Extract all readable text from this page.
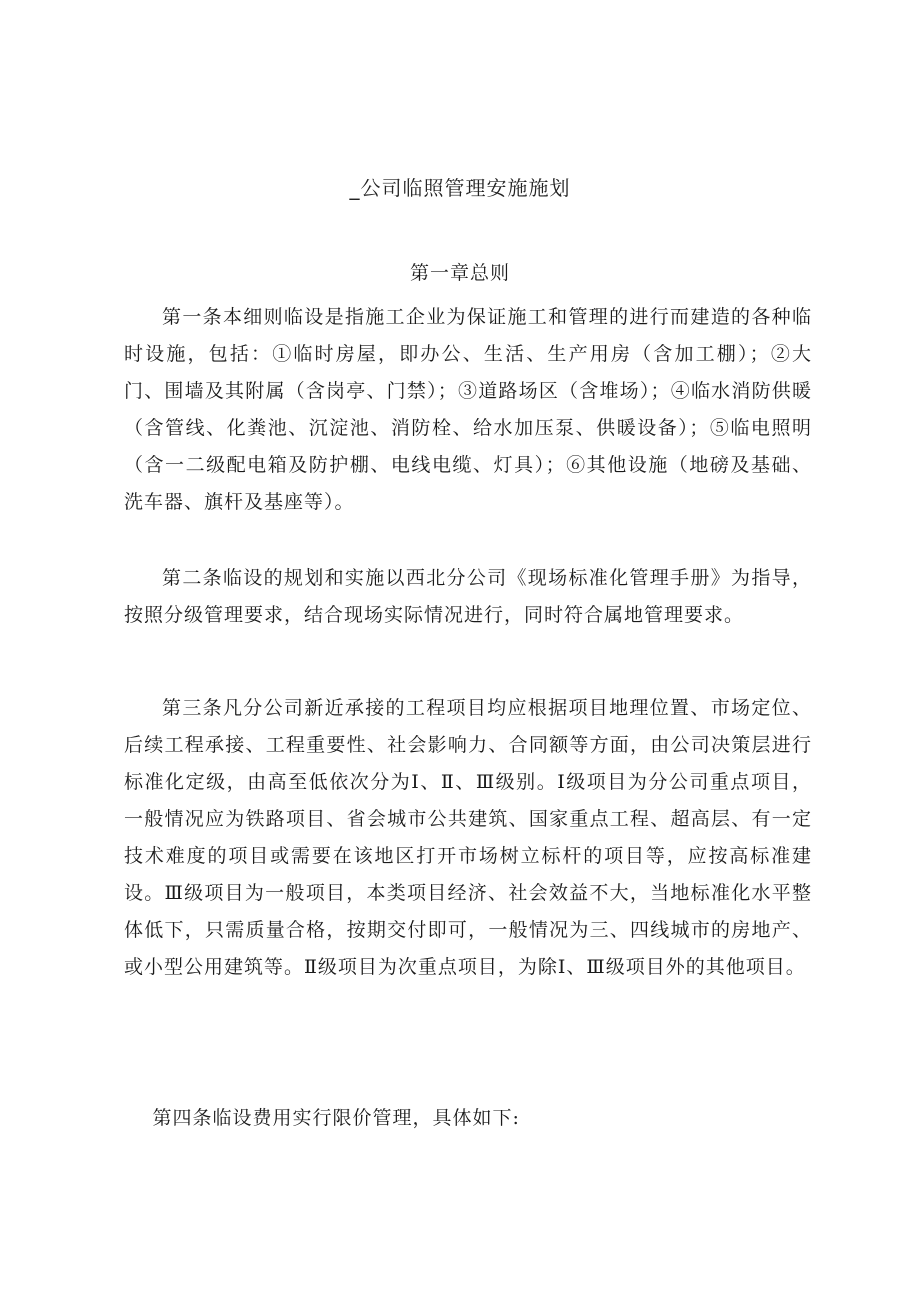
_公司临照管理安施施划
第一章总则

第一条本细则临设是指施工企业为保证施工和管理的进行而建造的各种临时设施，包括：①临时房屋，即办公、生活、生产用房（含加工棚）；②大门、围墙及其附属（含岗亭、门禁）；③道路场区（含堆场）；④临水消防供暖（含管线、化粪池、沉淀池、消防栓、给水加压泵、供暖设备）；⑤临电照明（含一二级配电箱及防护棚、电线电缆、灯具）；⑥其他设施（地磅及基础、洗车器、旗杆及基座等）。

第二条临设的规划和实施以西北分公司《现场标准化管理手册》为指导，按照分级管理要求，结合现场实际情况进行，同时符合属地管理要求。

第三条凡分公司新近承接的工程项目均应根据项目地理位置、市场定位、后续工程承接、工程重要性、社会影响力、合同额等方面，由公司决策层进行标准化定级，由高至低依次分为Ⅰ、Ⅱ、Ⅲ级别。Ⅰ级项目为分公司重点项目，一般情况应为铁路项目、省会城市公共建筑、国家重点工程、超高层、有一定技术难度的项目或需要在该地区打开市场树立标杆的项目等，应按高标准建设。Ⅲ级项目为一般项目，本类项目经济、社会效益不大，当地标准化水平整体低下，只需质量合格，按期交付即可，一般情况为三、四线城市的房地产、或小型公用建筑等。Ⅱ级项目为次重点项目，为除Ⅰ、Ⅲ级项目外的其他项目。

第四条临设费用实行限价管理，具体如下:
